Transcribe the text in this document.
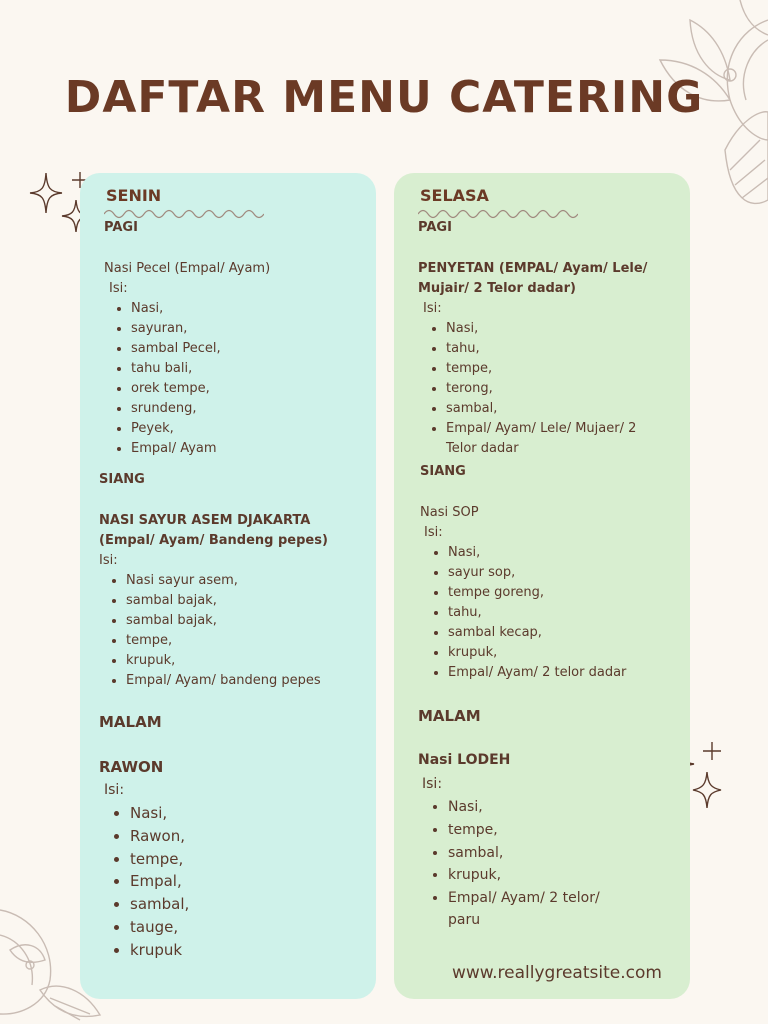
DAFTAR MENU CATERING
SENIN
PAGI
Nasi Pecel (Empal/ Ayam)
Isi:
• Nasi,
• sayuran,
• sambal Pecel,
• tahu bali,
• orek tempe,
• srundeng,
• Peyek,
• Empal/ Ayam
SIANG
NASI SAYUR ASEM DJAKARTA
(Empal/ Ayam/ Bandeng pepes)
Isi:
• Nasi sayur asem,
• sambal bajak,
• sambal bajak,
• tempe,
• krupuk,
• Empal/ Ayam/ bandeng pepes
MALAM
RAWON
Isi:
• Nasi,
• Rawon,
• tempe,
• Empal,
• sambal,
• tauge,
• krupuk
SELASA
PAGI
PENYETAN (EMPAL/ Ayam/ Lele/
Mujair/ 2 Telor dadar)
Isi:
• Nasi,
• tahu,
• tempe,
• terong,
• sambal,
• Empal/ Ayam/ Lele/ Mujaer/ 2
Telor dadar
SIANG
Nasi SOP
Isi:
• Nasi,
• sayur sop,
• tempe goreng,
• tahu,
• sambal kecap,
• krupuk,
• Empal/ Ayam/ 2 telor dadar
MALAM
Nasi LODEH
Isi:
• Nasi,
• tempe,
• sambal,
• krupuk,
• Empal/ Ayam/ 2 telor/
paru
www.reallygreatsite.com
